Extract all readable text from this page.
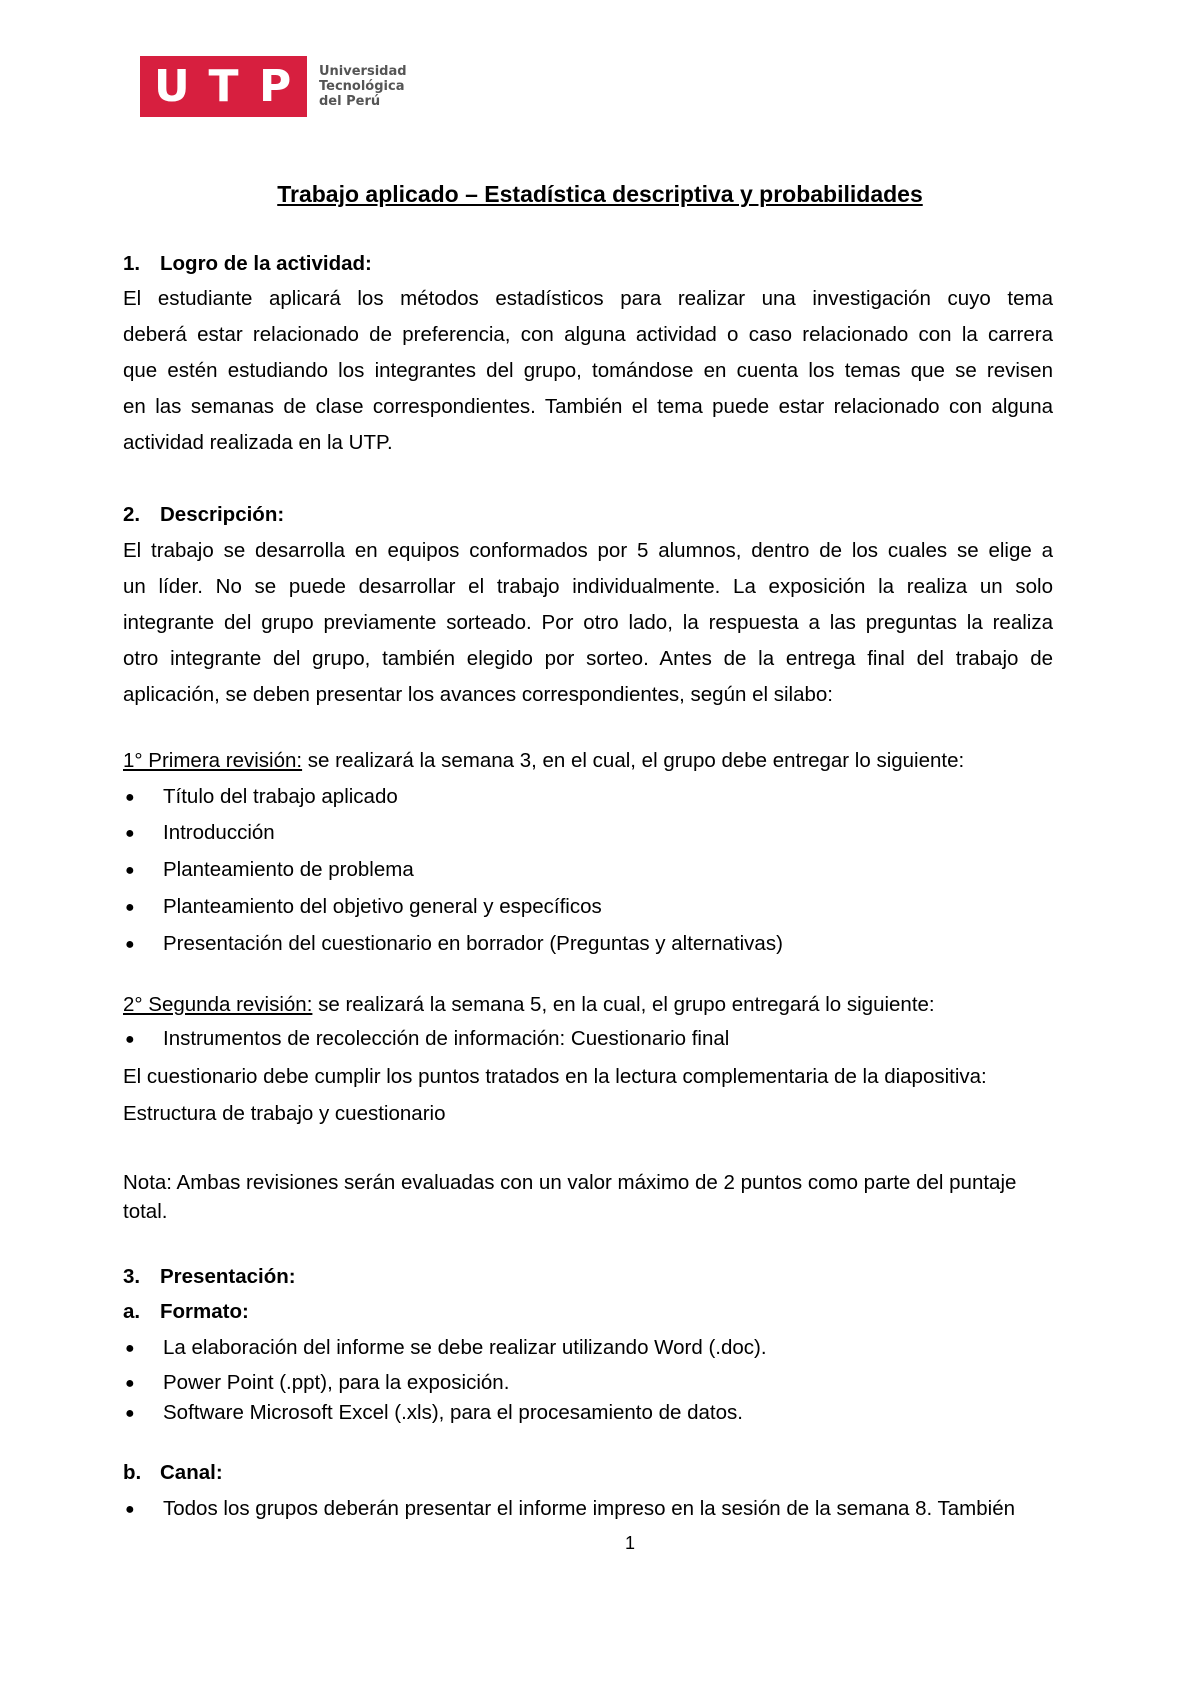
U T P Universidad
Tecnológica
del Perú
Trabajo aplicado – Estadística descriptiva y probabilidades
1. Logro de la actividad:
El estudiante aplicará los métodos estadísticos para realizar una investigación cuyo tema
deberá estar relacionado de preferencia, con alguna actividad o caso relacionado con la carrera
que estén estudiando los integrantes del grupo, tomándose en cuenta los temas que se revisen
en las semanas de clase correspondientes. También el tema puede estar relacionado con alguna
actividad realizada en la UTP.
2. Descripción:
El trabajo se desarrolla en equipos conformados por 5 alumnos, dentro de los cuales se elige a
un líder. No se puede desarrollar el trabajo individualmente. La exposición la realiza un solo
integrante del grupo previamente sorteado. Por otro lado, la respuesta a las preguntas la realiza
otro integrante del grupo, también elegido por sorteo. Antes de la entrega final del trabajo de
aplicación, se deben presentar los avances correspondientes, según el silabo:
1° Primera revisión: se realizará la semana 3, en el cual, el grupo debe entregar lo siguiente:
● Título del trabajo aplicado
● Introducción
● Planteamiento de problema
● Planteamiento del objetivo general y específicos
● Presentación del cuestionario en borrador (Preguntas y alternativas)
2° Segunda revisión: se realizará la semana 5, en la cual, el grupo entregará lo siguiente:
● Instrumentos de recolección de información: Cuestionario final
El cuestionario debe cumplir los puntos tratados en la lectura complementaria de la diapositiva:
Estructura de trabajo y cuestionario
Nota: Ambas revisiones serán evaluadas con un valor máximo de 2 puntos como parte del puntaje
total.
3. Presentación:
a. Formato:
● La elaboración del informe se debe realizar utilizando Word (.doc).
● Power Point (.ppt), para la exposición.
● Software Microsoft Excel (.xls), para el procesamiento de datos.
b. Canal:
● Todos los grupos deberán presentar el informe impreso en la sesión de la semana 8. También
1
